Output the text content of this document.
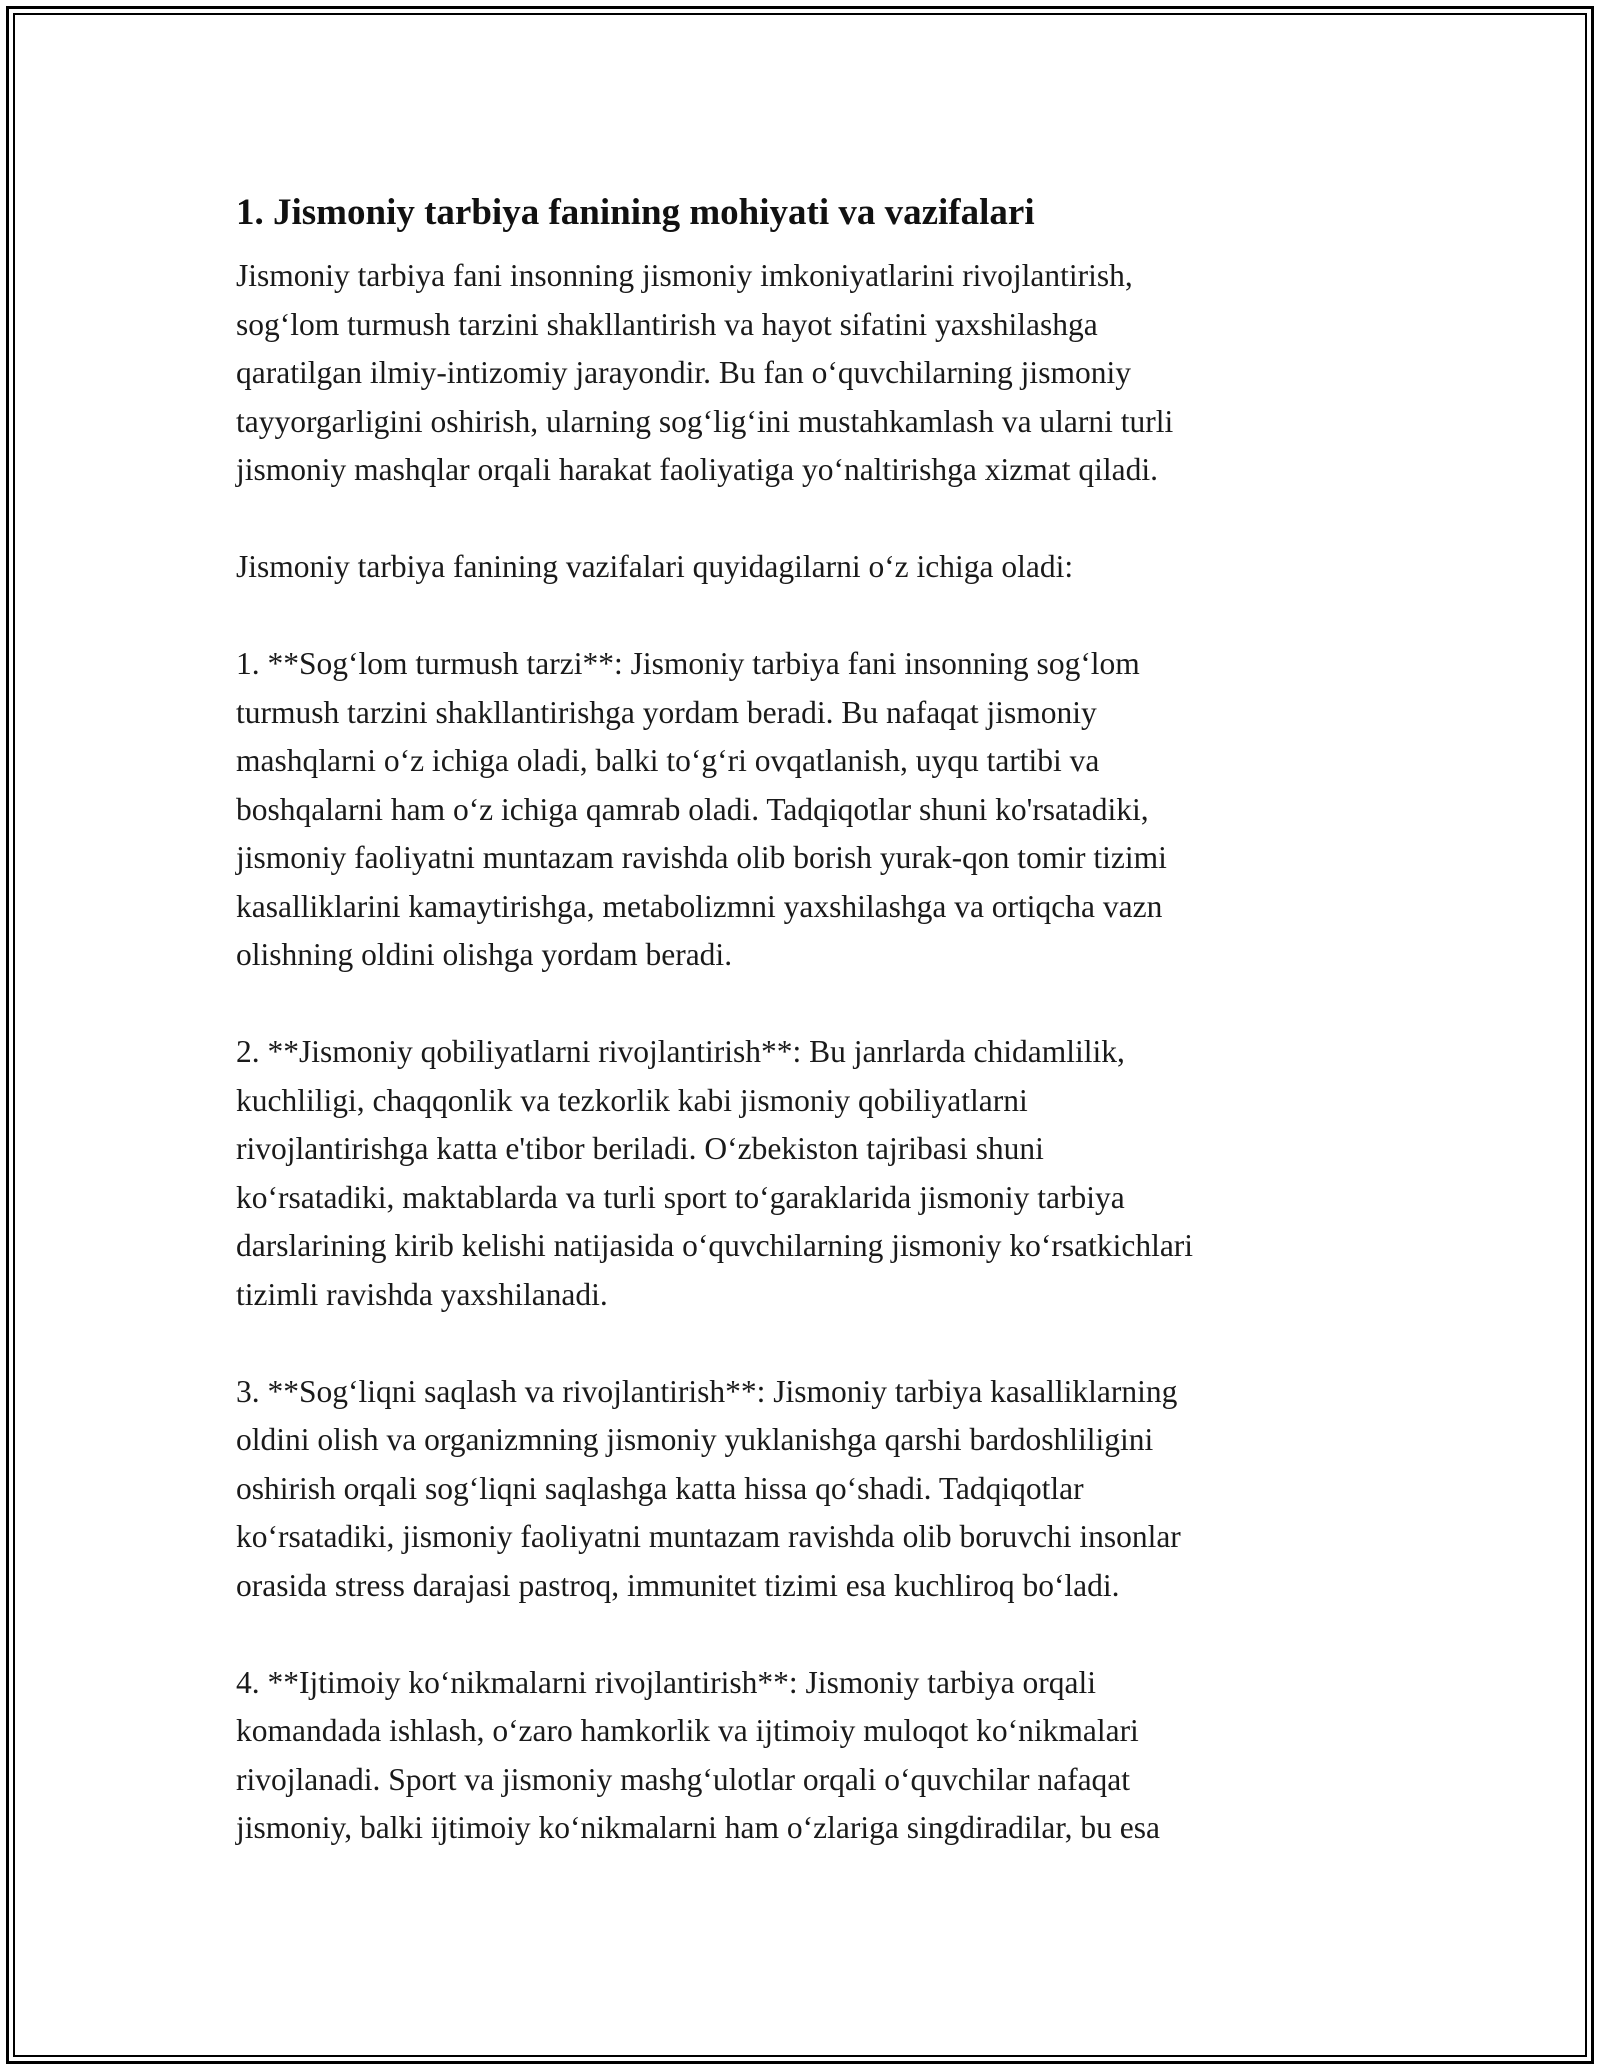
1. Jismoniy tarbiya fanining mohiyati va vazifalari

Jismoniy tarbiya fani insonning jismoniy imkoniyatlarini rivojlantirish,
sog‘lom turmush tarzini shakllantirish va hayot sifatini yaxshilashga
qaratilgan ilmiy-intizomiy jarayondir. Bu fan o‘quvchilarning jismoniy
tayyorgarligini oshirish, ularning sog‘lig‘ini mustahkamlash va ularni turli
jismoniy mashqlar orqali harakat faoliyatiga yo‘naltirishga xizmat qiladi.

Jismoniy tarbiya fanining vazifalari quyidagilarni o‘z ichiga oladi:

1. **Sog‘lom turmush tarzi**: Jismoniy tarbiya fani insonning sog‘lom
turmush tarzini shakllantirishga yordam beradi. Bu nafaqat jismoniy
mashqlarni o‘z ichiga oladi, balki to‘g‘ri ovqatlanish, uyqu tartibi va
boshqalarni ham o‘z ichiga qamrab oladi. Tadqiqotlar shuni ko'rsatadiki,
jismoniy faoliyatni muntazam ravishda olib borish yurak-qon tomir tizimi
kasalliklarini kamaytirishga, metabolizmni yaxshilashga va ortiqcha vazn
olishning oldini olishga yordam beradi.

2. **Jismoniy qobiliyatlarni rivojlantirish**: Bu janrlarda chidamlilik,
kuchliligi, chaqqonlik va tezkorlik kabi jismoniy qobiliyatlarni
rivojlantirishga katta e'tibor beriladi. O‘zbekiston tajribasi shuni
ko‘rsatadiki, maktablarda va turli sport to‘garaklarida jismoniy tarbiya
darslarining kirib kelishi natijasida o‘quvchilarning jismoniy ko‘rsatkichlari
tizimli ravishda yaxshilanadi.

3. **Sog‘liqni saqlash va rivojlantirish**: Jismoniy tarbiya kasalliklarning
oldini olish va organizmning jismoniy yuklanishga qarshi bardoshliligini
oshirish orqali sog‘liqni saqlashga katta hissa qo‘shadi. Tadqiqotlar
ko‘rsatadiki, jismoniy faoliyatni muntazam ravishda olib boruvchi insonlar
orasida stress darajasi pastroq, immunitet tizimi esa kuchliroq bo‘ladi.

4. **Ijtimoiy ko‘nikmalarni rivojlantirish**: Jismoniy tarbiya orqali
komandada ishlash, o‘zaro hamkorlik va ijtimoiy muloqot ko‘nikmalari
rivojlanadi. Sport va jismoniy mashg‘ulotlar orqali o‘quvchilar nafaqat
jismoniy, balki ijtimoiy ko‘nikmalarni ham o‘zlariga singdiradilar, bu esa
